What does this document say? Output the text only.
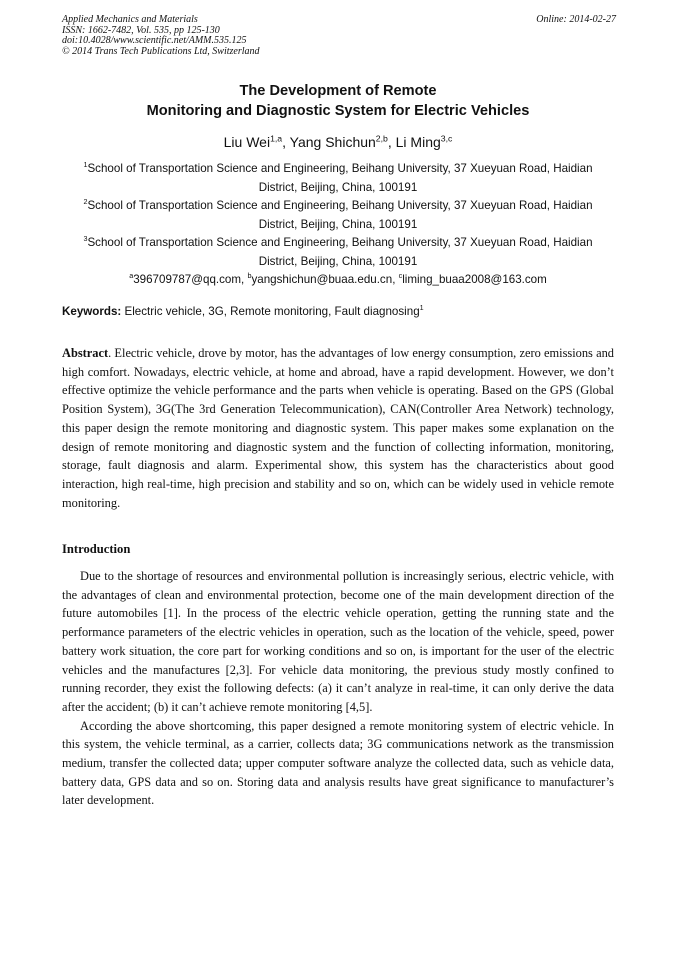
Applied Mechanics and Materials
ISSN: 1662-7482, Vol. 535, pp 125-130
doi:10.4028/www.scientific.net/AMM.535.125
© 2014 Trans Tech Publications Ltd, Switzerland
Online: 2014-02-27
The Development of Remote
Monitoring and Diagnostic System for Electric Vehicles
Liu Wei$^{1,a}$, Yang Shichun$^{2,b}$, Li Ming$^{3,c}$
$^1$School of Transportation Science and Engineering, Beihang University, 37 Xueyuan Road, Haidian
District, Beijing, China, 100191
$^2$School of Transportation Science and Engineering, Beihang University, 37 Xueyuan Road, Haidian
District, Beijing, China, 100191
$^3$School of Transportation Science and Engineering, Beihang University, 37 Xueyuan Road, Haidian
District, Beijing, China, 100191
$^a$396709787@qq.com, $^b$yangshichun@buaa.edu.cn, $^c$liming_buaa2008@163.com
Keywords: Electric vehicle, 3G, Remote monitoring, Fault diagnosing$^1$
Abstract. Electric vehicle, drove by motor, has the advantages of low energy consumption, zero emissions and high comfort. Nowadays, electric vehicle, at home and abroad, have a rapid development. However, we don’t effective optimize the vehicle performance and the parts when vehicle is operating. Based on the GPS (Global Position System), 3G(The 3rd Generation Telecommunication), CAN(Controller Area Network) technology, this paper design the remote monitoring and diagnostic system. This paper makes some explanation on the design of remote monitoring and diagnostic system and the function of collecting information, monitoring, storage, fault diagnosis and alarm. Experimental show, this system has the characteristics about good interaction, high real-time, high precision and stability and so on, which can be widely used in vehicle remote monitoring.
Introduction

Due to the shortage of resources and environmental pollution is increasingly serious, electric vehicle, with the advantages of clean and environmental protection, become one of the main development direction of the future automobiles [1]. In the process of the electric vehicle operation, getting the running state and the performance parameters of the electric vehicles in operation, such as the location of the vehicle, speed, power battery work situation, the core part for working conditions and so on, is important for the user of the electric vehicles and the manufactures [2,3]. For vehicle data monitoring, the previous study mostly confined to running recorder, they exist the following defects: (a) it can’t analyze in real-time, it can only derive the data after the accident; (b) it can’t achieve remote monitoring [4,5].

According the above shortcoming, this paper designed a remote monitoring system of electric vehicle. In this system, the vehicle terminal, as a carrier, collects data; 3G communications network as the transmission medium, transfer the collected data; upper computer software analyze the collected data, such as vehicle data, battery data, GPS data and so on. Storing data and analysis results have great significance to manufacturer’s later development.
